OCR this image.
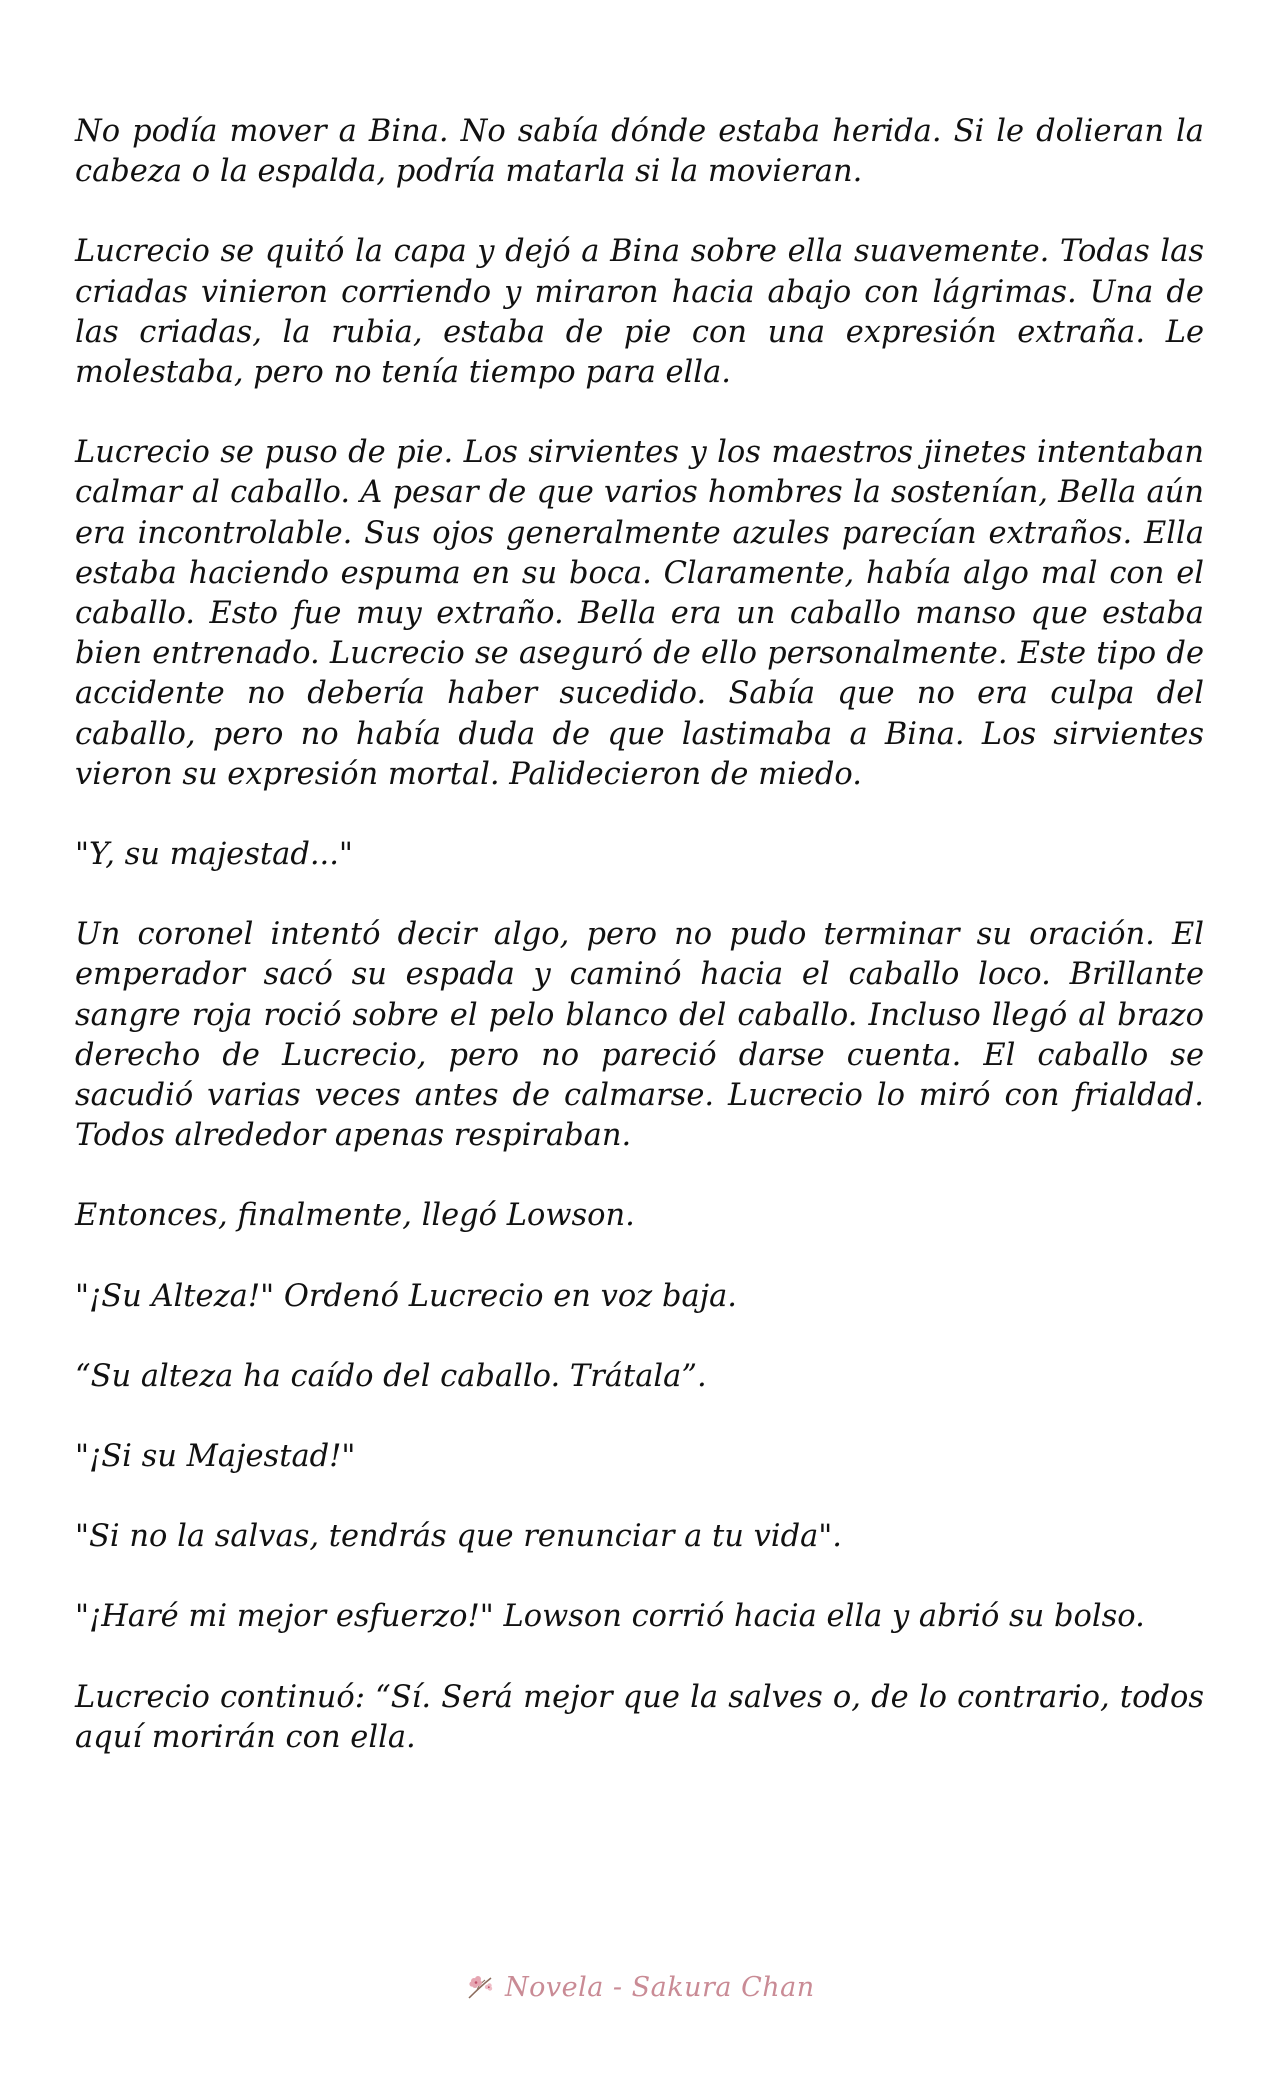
No podía mover a Bina. No sabía dónde estaba herida. Si le dolieran la cabeza o la espalda, podría matarla si la movieran.

Lucrecio se quitó la capa y dejó a Bina sobre ella suavemente. Todas las criadas vinieron corriendo y miraron hacia abajo con lágrimas. Una de las criadas, la rubia, estaba de pie con una expresión extraña. Le molestaba, pero no tenía tiempo para ella.

Lucrecio se puso de pie. Los sirvientes y los maestros jinetes intentaban calmar al caballo. A pesar de que varios hombres la sostenían, Bella aún era incontrolable. Sus ojos generalmente azules parecían extraños. Ella estaba haciendo espuma en su boca. Claramente, había algo mal con el caballo. Esto fue muy extraño. Bella era un caballo manso que estaba bien entrenado. Lucrecio se aseguró de ello personalmente. Este tipo de accidente no debería haber sucedido. Sabía que no era culpa del caballo, pero no había duda de que lastimaba a Bina. Los sirvientes vieron su expresión mortal. Palidecieron de miedo.

"Y, su majestad..."

Un coronel intentó decir algo, pero no pudo terminar su oración. El emperador sacó su espada y caminó hacia el caballo loco. Brillante sangre roja roció sobre el pelo blanco del caballo. Incluso llegó al brazo derecho de Lucrecio, pero no pareció darse cuenta. El caballo se sacudió varias veces antes de calmarse. Lucrecio lo miró con frialdad. Todos alrededor apenas respiraban.

Entonces, finalmente, llegó Lowson.

"¡Su Alteza!" Ordenó Lucrecio en voz baja.

“Su alteza ha caído del caballo. Trátala”.

"¡Si su Majestad!"

"Si no la salvas, tendrás que renunciar a tu vida".

"¡Haré mi mejor esfuerzo!" Lowson corrió hacia ella y abrió su bolso.

Lucrecio continuó: “Sí. Será mejor que la salves o, de lo contrario, todos aquí morirán con ella.

Novela - Sakura Chan
